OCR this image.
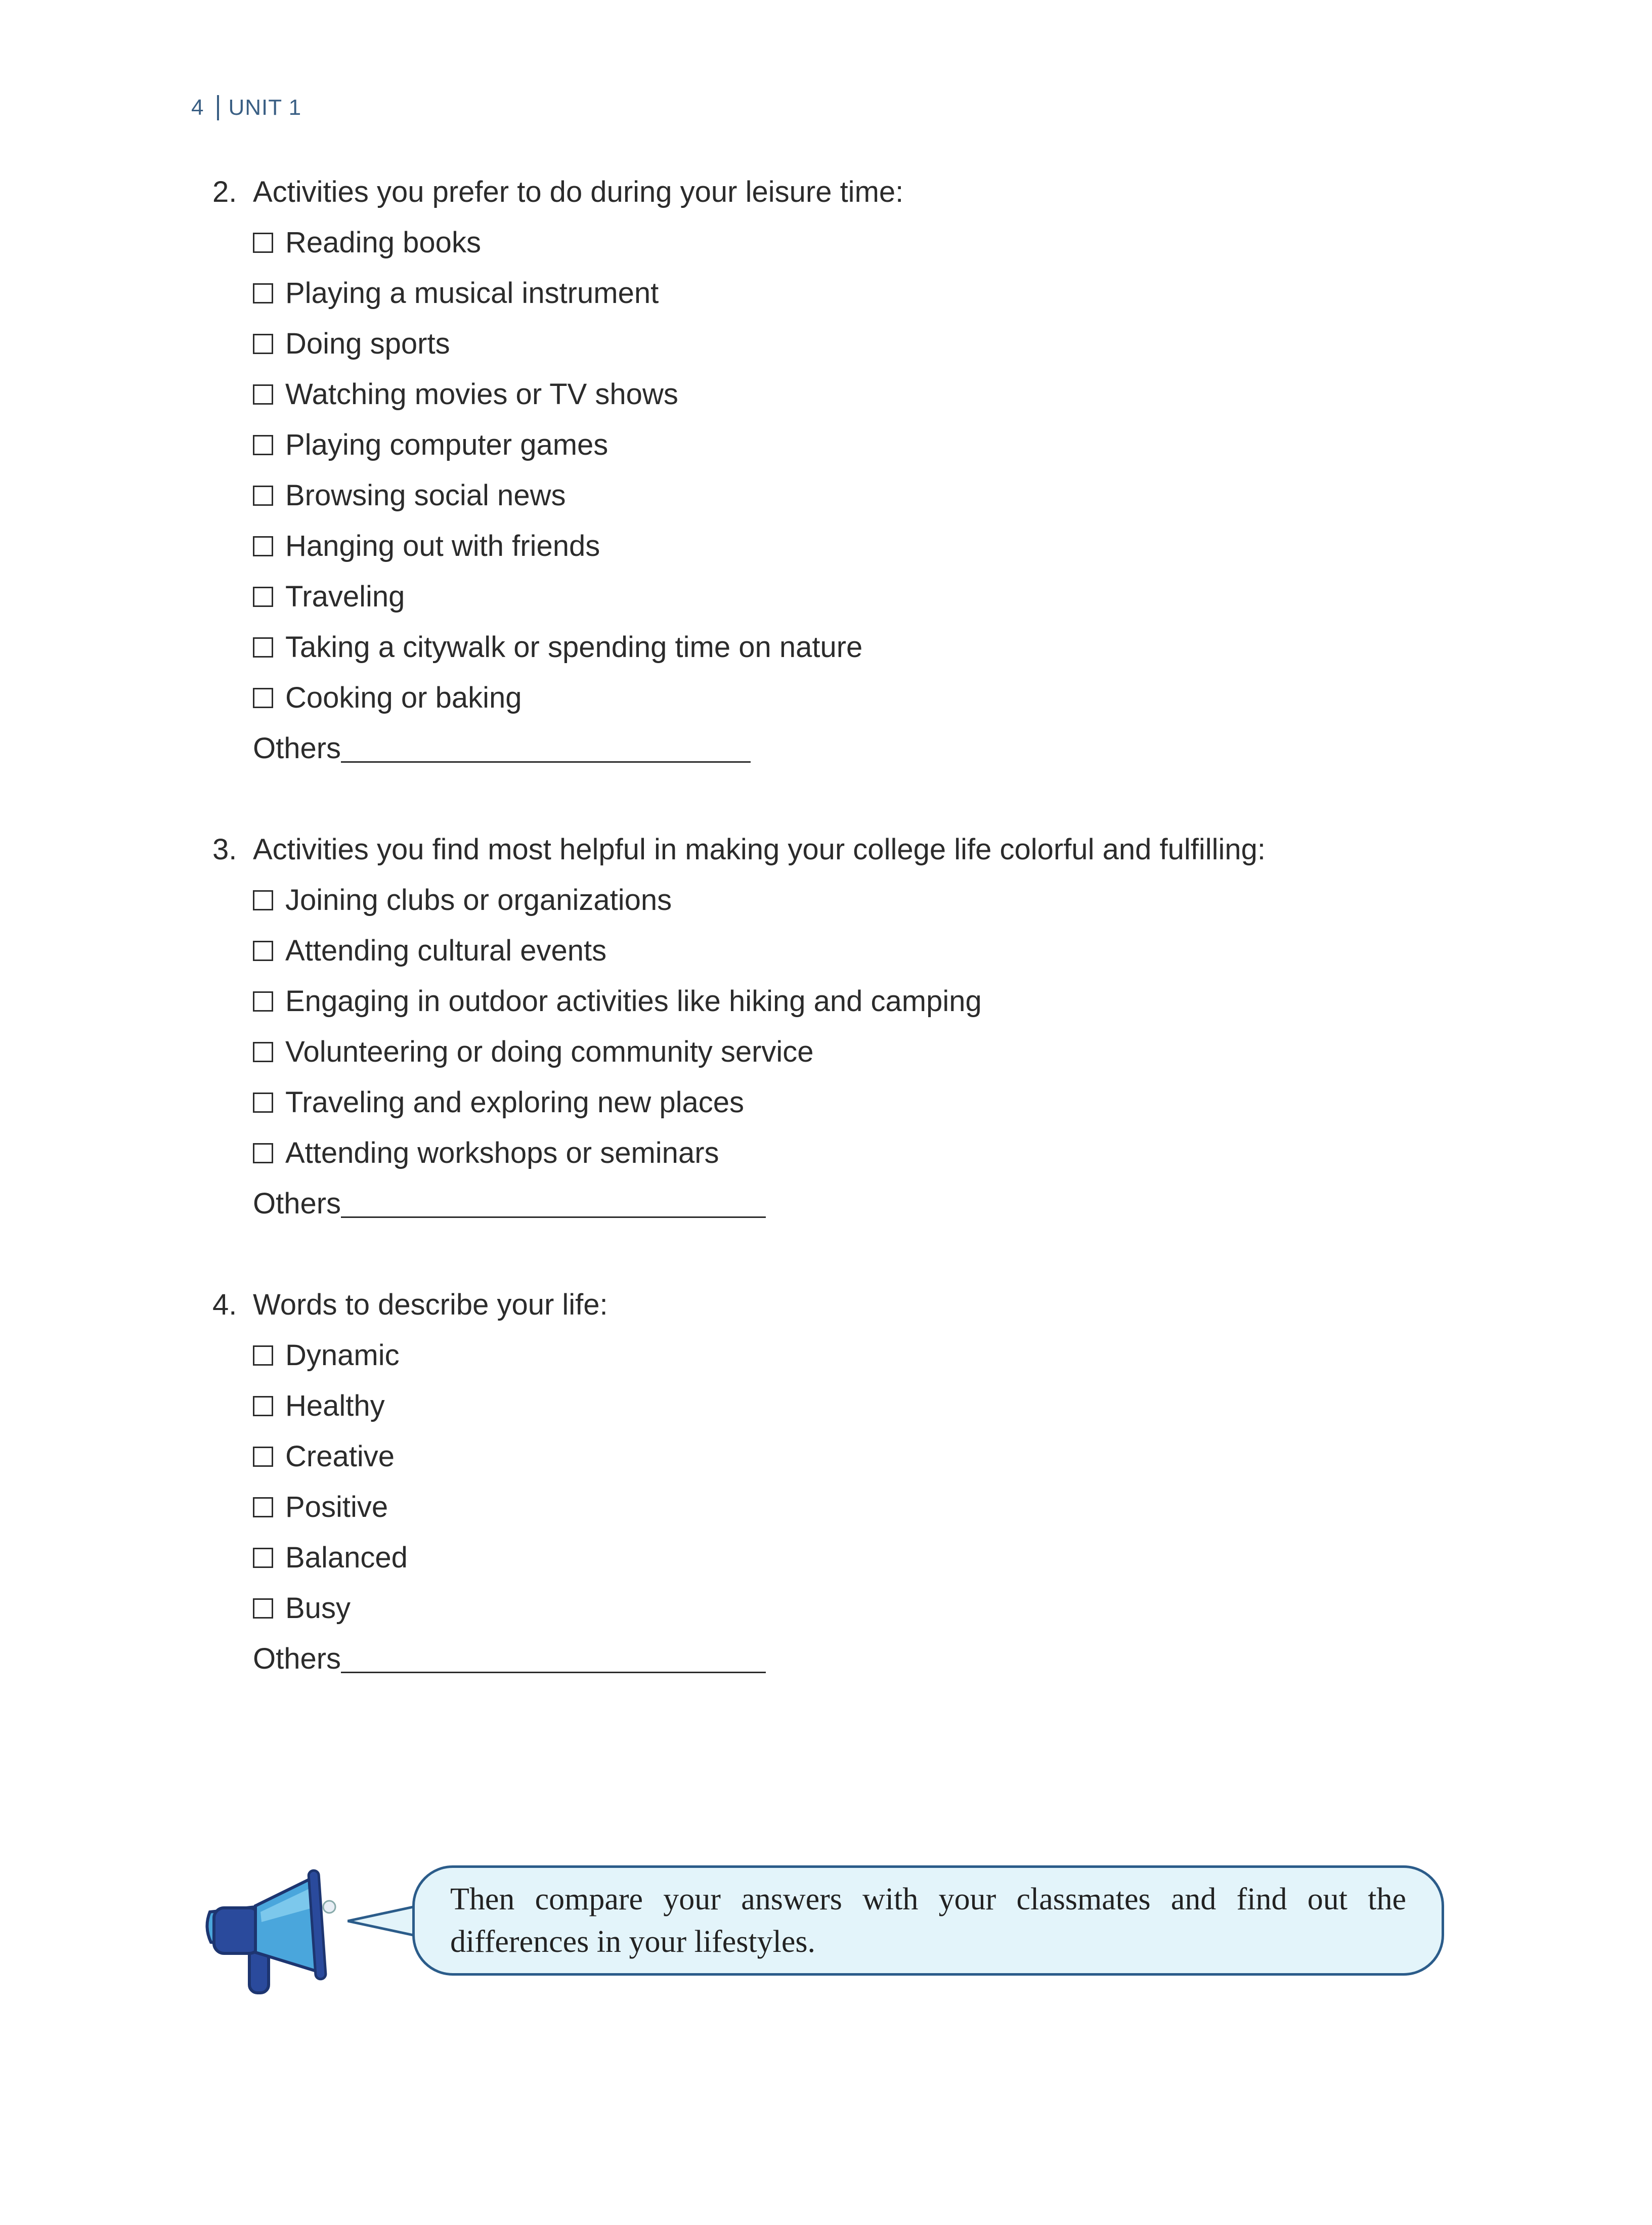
4 UNIT 1
2. Activities you prefer to do during your leisure time:
Reading books
Playing a musical instrument
Doing sports
Watching movies or TV shows
Playing computer games
Browsing social news
Hanging out with friends
Traveling
Taking a citywalk or spending time on nature
Cooking or baking
Others
3. Activities you find most helpful in making your college life colorful and fulfilling:
Joining clubs or organizations
Attending cultural events
Engaging in outdoor activities like hiking and camping
Volunteering or doing community service
Traveling and exploring new places
Attending workshops or seminars
Others
4. Words to describe your life:
Dynamic
Healthy
Creative
Positive
Balanced
Busy
Others
Then compare your answers with your classmates and find out the differences in your lifestyles.
